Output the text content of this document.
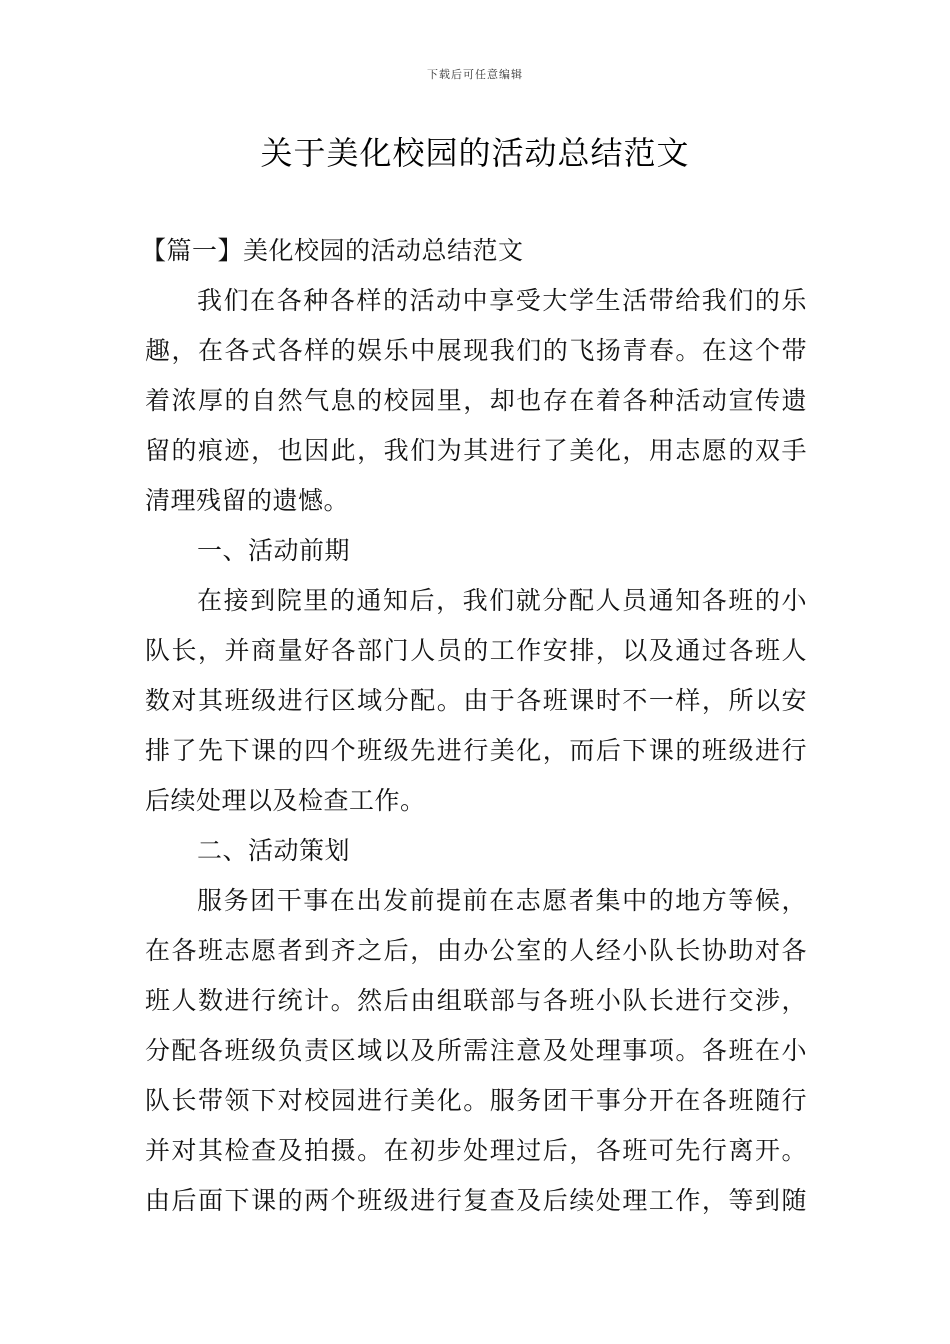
下载后可任意编辑
关于美化校园的活动总结范文

【篇一】美化校园的活动总结范文

我们在各种各样的活动中享受大学生活带给我们的乐

趣，在各式各样的娱乐中展现我们的飞扬青春。在这个带

着浓厚的自然气息的校园里，却也存在着各种活动宣传遗

留的痕迹，也因此，我们为其进行了美化，用志愿的双手

清理残留的遗憾。

一、活动前期

在接到院里的通知后，我们就分配人员通知各班的小

队长，并商量好各部门人员的工作安排，以及通过各班人

数对其班级进行区域分配。由于各班课时不一样，所以安

排了先下课的四个班级先进行美化，而后下课的班级进行

后续处理以及检查工作。

二、活动策划

服务团干事在出发前提前在志愿者集中的地方等候，

在各班志愿者到齐之后，由办公室的人经小队长协助对各

班人数进行统计。然后由组联部与各班小队长进行交涉，

分配各班级负责区域以及所需注意及处理事项。各班在小

队长带领下对校园进行美化。服务团干事分开在各班随行

并对其检查及拍摄。在初步处理过后，各班可先行离开。

由后面下课的两个班级进行复查及后续处理工作，等到随
